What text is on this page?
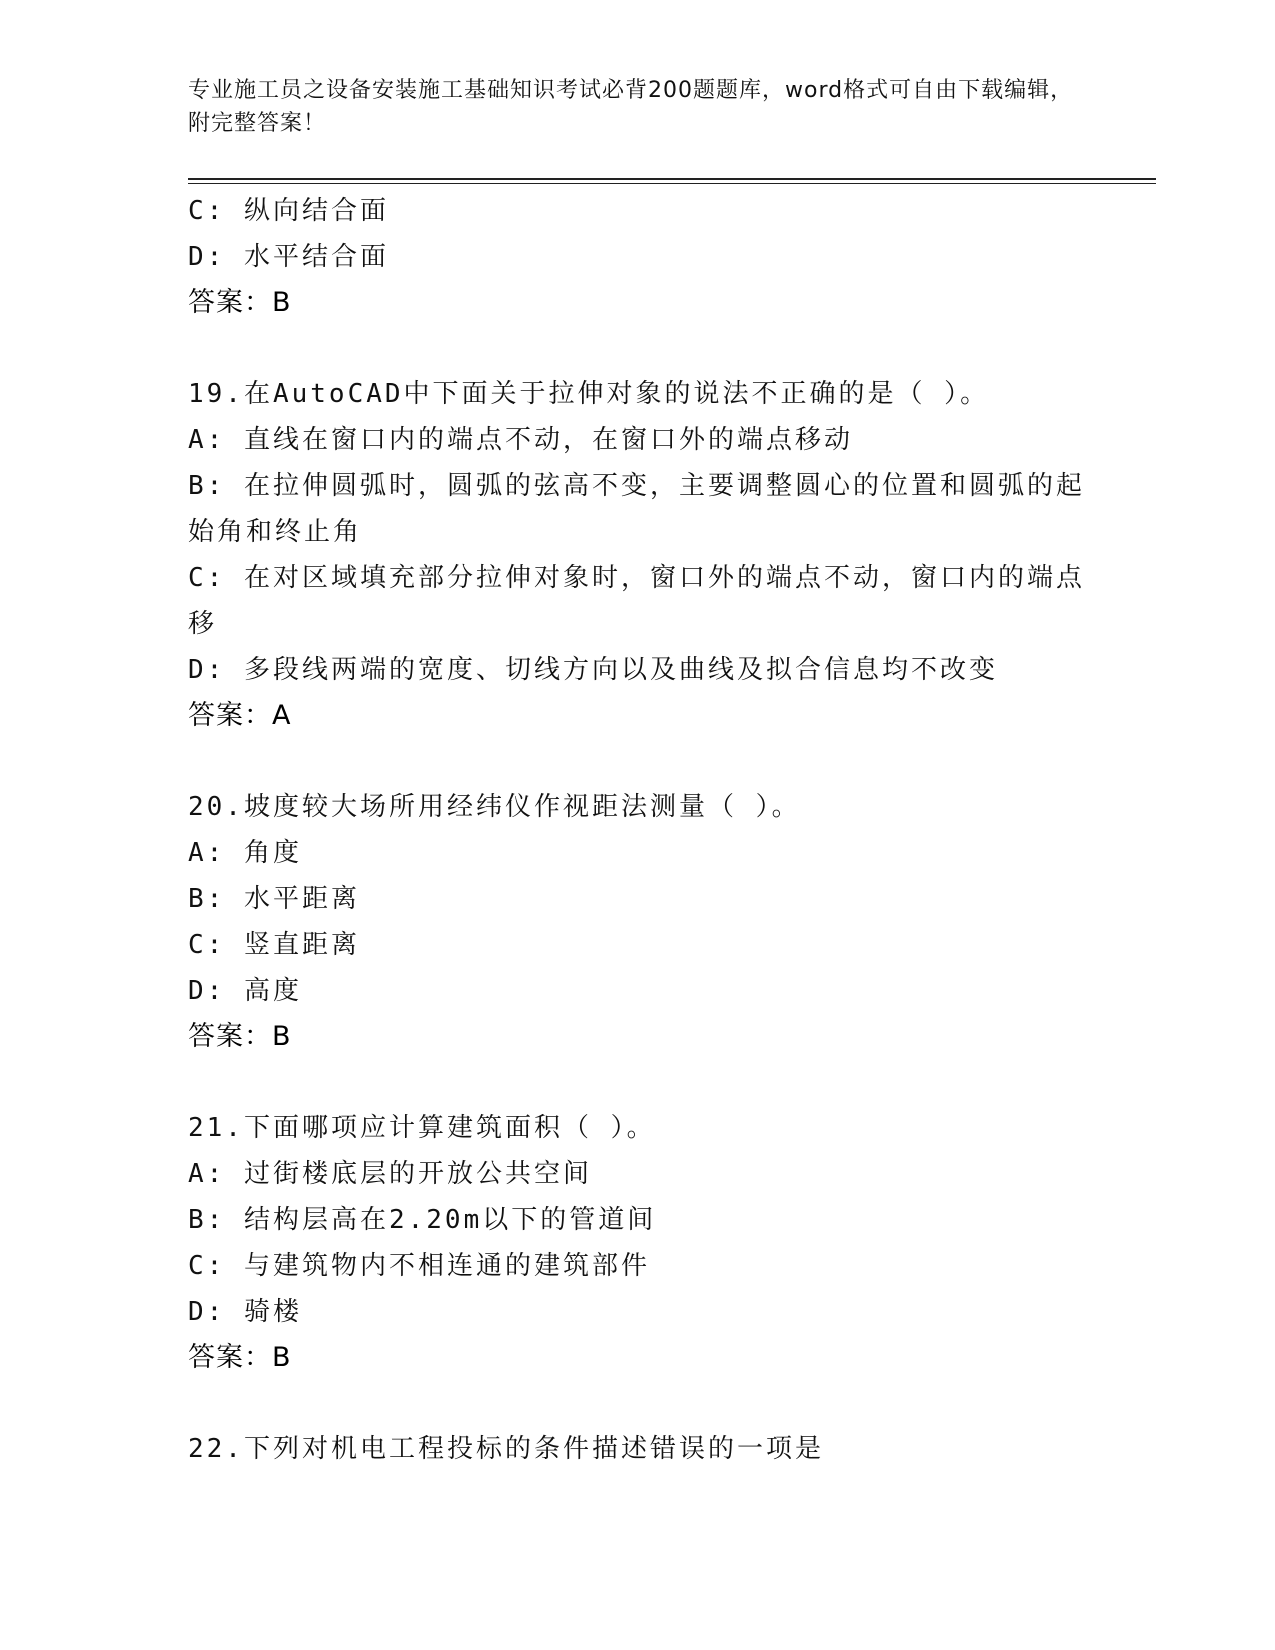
专业施工员之设备安装施工基础知识考试必背200题题库，word格式可自由下载编辑，附完整答案！
C: 纵向结合面
D: 水平结合面
答案：B
19.在AutoCAD中下面关于拉伸对象的说法不正确的是（ ）。
A: 直线在窗口内的端点不动，在窗口外的端点移动
B: 在拉伸圆弧时，圆弧的弦高不变，主要调整圆心的位置和圆弧的起始角和终止角
C: 在对区域填充部分拉伸对象时，窗口外的端点不动，窗口内的端点移
D: 多段线两端的宽度、切线方向以及曲线及拟合信息均不改变
答案：A
20.坡度较大场所用经纬仪作视距法测量（ ）。
A: 角度
B: 水平距离
C: 竖直距离
D: 高度
答案：B
21.下面哪项应计算建筑面积（ ）。
A: 过街楼底层的开放公共空间
B: 结构层高在2.20m以下的管道间
C: 与建筑物内不相连通的建筑部件
D: 骑楼
答案：B
22.下列对机电工程投标的条件描述错误的一项是
